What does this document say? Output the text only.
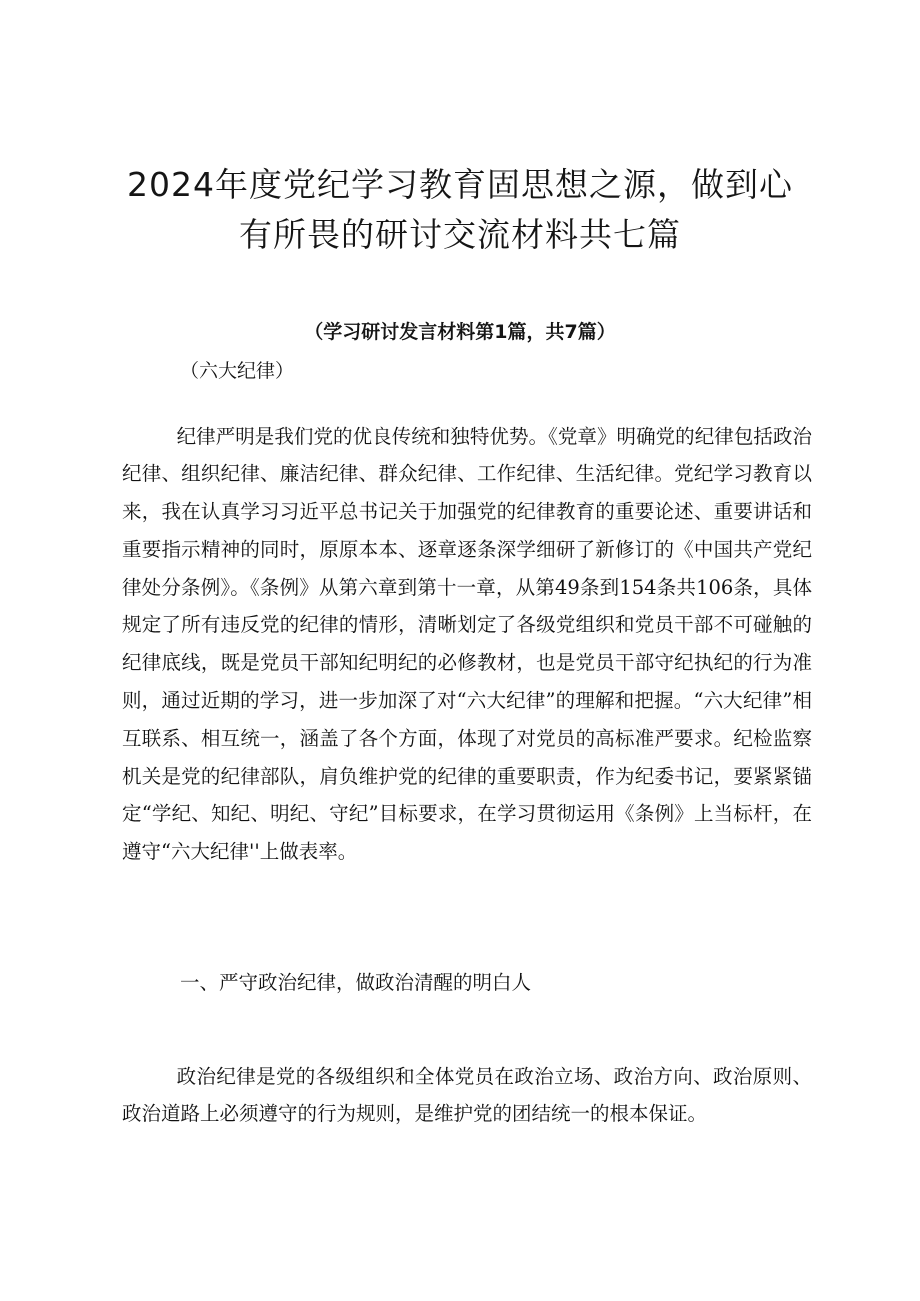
2024年度党纪学习教育固思想之源，做到心
有所畏的研讨交流材料共七篇
（学习研讨发言材料第1篇，共7篇）
（六大纪律）

纪律严明是我们党的优良传统和独特优势。《党章》明确党的纪律包括政治纪律、组织纪律、廉洁纪律、群众纪律、工作纪律、生活纪律。党纪学习教育以来，我在认真学习习近平总书记关于加强党的纪律教育的重要论述、重要讲话和重要指示精神的同时，原原本本、逐章逐条深学细研了新修订的《中国共产党纪律处分条例》。《条例》从第六章到第十一章，从第49条到154条共106条，具体规定了所有违反党的纪律的情形，清晰划定了各级党组织和党员干部不可碰触的纪律底线，既是党员干部知纪明纪的必修教材，也是党员干部守纪执纪的行为准则，通过近期的学习，进一步加深了对“六大纪律”的理解和把握。“六大纪律”相互联系、相互统一，涵盖了各个方面，体现了对党员的高标准严要求。纪检监察机关是党的纪律部队，肩负维护党的纪律的重要职责，作为纪委书记，要紧紧锚定“学纪、知纪、明纪、守纪”目标要求，在学习贯彻运用《条例》上当标杆，在遵守“六大纪律''上做表率。

一、严守政治纪律，做政治清醒的明白人

政治纪律是党的各级组织和全体党员在政治立场、政治方向、政治原则、政治道路上必须遵守的行为规则，是维护党的团结统一的根本保证。
